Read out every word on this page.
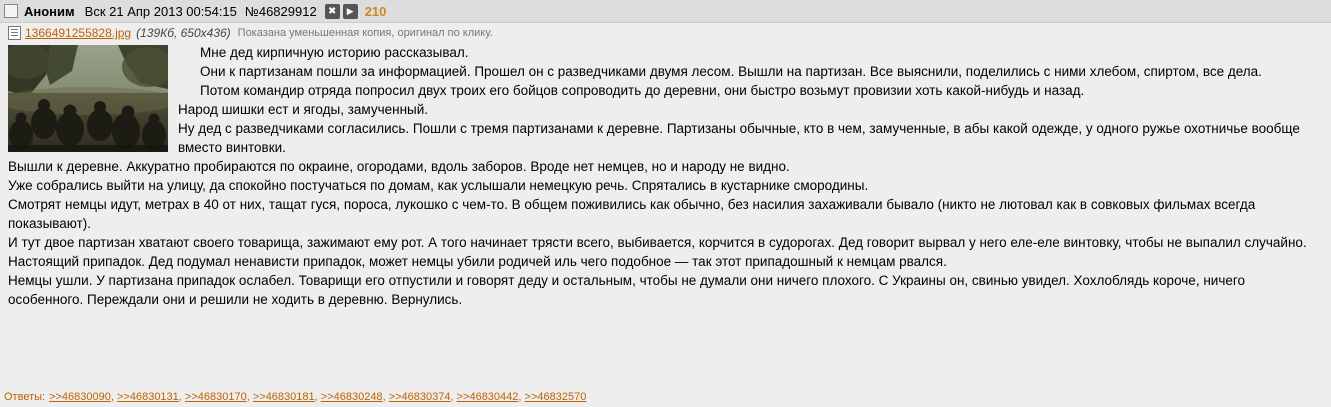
Аноним Вск 21 Апр 2013 00:54:15 №46829912	✖	▶ 210
1366491255828.jpg (139Кб, 650x436) Показана уменьшенная копия, оригинал по клику.

Мне дед кирпичную историю рассказывал.

Они к партизанам пошли за информацией. Прошел он с разведчиками двумя лесом. Вышли на партизан. Все выяснили, поделились с ними хлебом, спиртом, все дела.

Потом командир отряда попросил двух троих его бойцов сопроводить до деревни, они быстро возьмут провизии хоть какой-нибудь и назад.

Народ шишки ест и ягоды, замученный.

Ну дед с разведчиками согласились. Пошли с тремя партизанами к деревне. Партизаны обычные, кто в чем, замученные, в абы какой одежде, у одного ружье охотничье вообще вместо винтовки.

Вышли к деревне. Аккуратно пробираются по окраине, огородами, вдоль заборов. Вроде нет немцев, но и народу не видно.

Уже собрались выйти на улицу, да спокойно постучаться по домам, как услышали немецкую речь. Спрятались в кустарнике смородины.

Смотрят немцы идут, метрах в 40 от них, тащат гуся, пороса, лукошко с чем-то. В общем поживились как обычно, без насилия захаживали бывало (никто не лютовал как в совковых фильмах всегда показывают).

И тут двое партизан хватают своего товарища, зажимают ему рот. А того начинает трясти всего, выбивается, корчится в судорогах. Дед говорит вырвал у него еле-еле винтовку, чтобы не выпалил случайно. Настоящий припадок. Дед подумал ненависти припадок, может немцы убили родичей иль чего подобное — так этот припадошный к немцам рвался.

Немцы ушли. У партизана припадок ослабел. Товарищи его отпустили и говорят деду и остальным, чтобы не думали они ничего плохого. С Украины он, свинью увидел. Хохлоблядь короче, ничего особенного. Переждали они и решили не ходить в деревню. Вернулись.

Ответы: >>46830090, >>46830131, >>46830170, >>46830181, >>46830248, >>46830374, >>46830442, >>46832570
